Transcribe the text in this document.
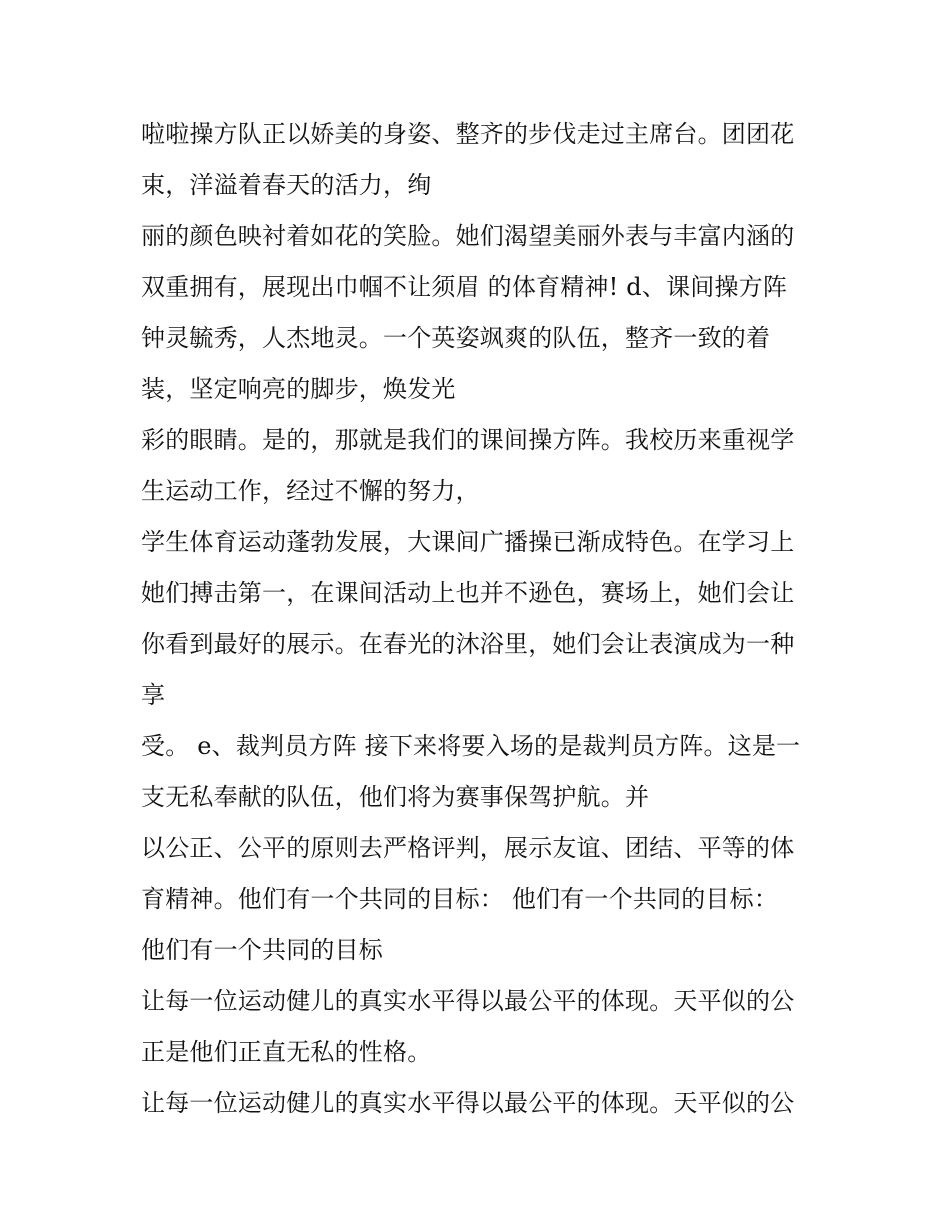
啦啦操方队正以娇美的身姿、整齐的步伐走过主席台。团团花
束，洋溢着春天的活力，绚
丽的颜色映衬着如花的笑脸。她们渴望美丽外表与丰富内涵的
双重拥有，展现出巾帼不让须眉 的体育精神! d、课间操方阵
钟灵毓秀，人杰地灵。一个英姿飒爽的队伍，整齐一致的着
装，坚定响亮的脚步，焕发光
彩的眼睛。是的，那就是我们的课间操方阵。我校历来重视学
生运动工作，经过不懈的努力，
学生体育运动蓬勃发展，大课间广播操已渐成特色。在学习上
她们搏击第一，在课间活动上也并不逊色，赛场上，她们会让
你看到最好的展示。在春光的沐浴里，她们会让表演成为一种
享
受。 e、裁判员方阵 接下来将要入场的是裁判员方阵。这是一
支无私奉献的队伍，他们将为赛事保驾护航。并
以公正、公平的原则去严格评判，展示友谊、团结、平等的体
育精神。他们有一个共同的目标： 他们有一个共同的目标：
他们有一个共同的目标
让每一位运动健儿的真实水平得以最公平的体现。天平似的公
正是他们正直无私的性格。
让每一位运动健儿的真实水平得以最公平的体现。天平似的公
